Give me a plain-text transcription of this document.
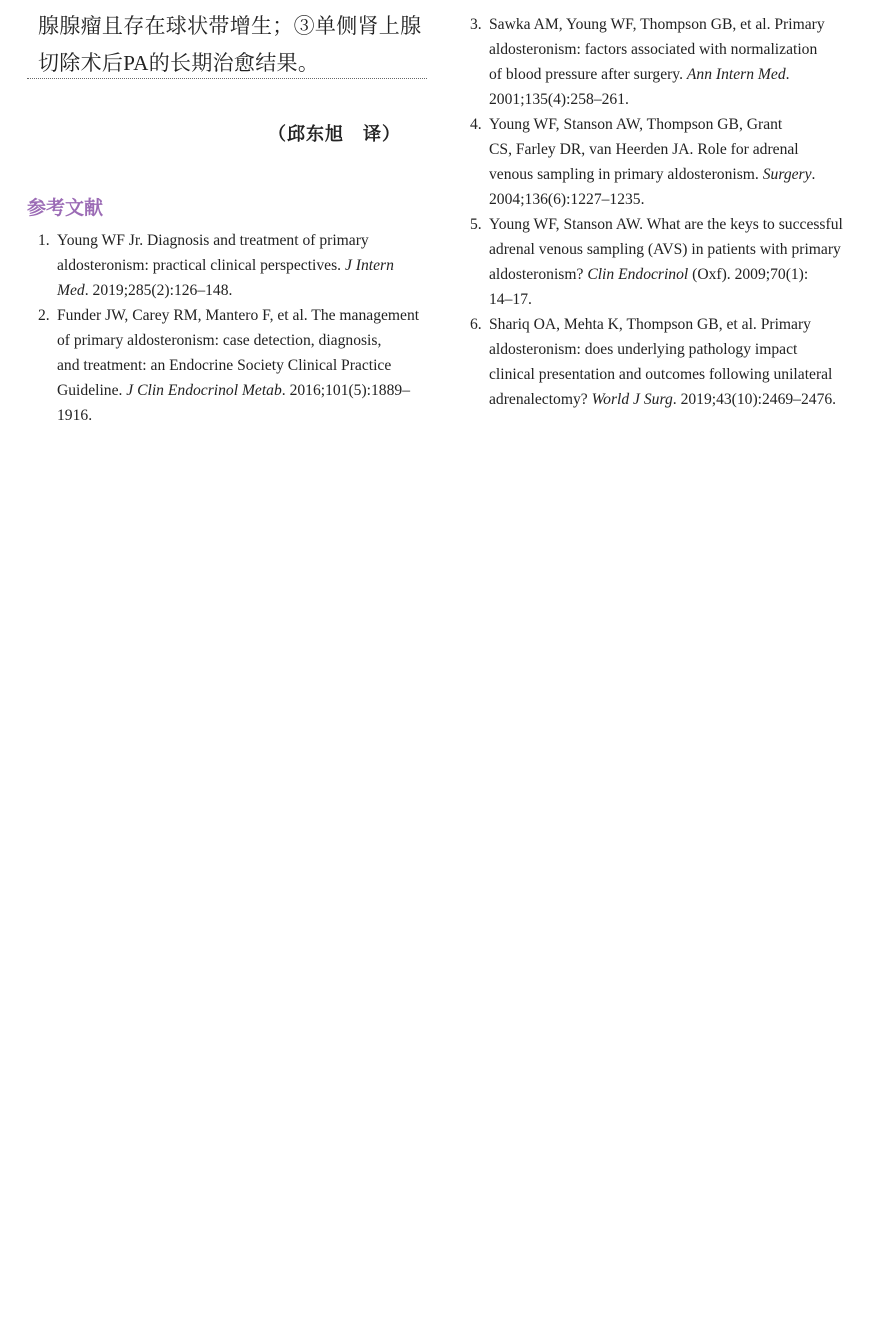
腺腺瘤且存在球状带增生；③单侧肾上腺
切除术后PA的长期治愈结果。
（邱东旭　译）
参考文献
1. Young WF Jr. Diagnosis and treatment of primary
aldosteronism: practical clinical perspectives. J Intern
Med. 2019;285(2):126–148.
2. Funder JW, Carey RM, Mantero F, et al. The management
of primary aldosteronism: case detection, diagnosis,
and treatment: an Endocrine Society Clinical Practice
Guideline. J Clin Endocrinol Metab. 2016;101(5):1889–
1916.
3. Sawka AM, Young WF, Thompson GB, et al. Primary
aldosteronism: factors associated with normalization
of blood pressure after surgery. Ann Intern Med.
2001;135(4):258–261.
4. Young WF, Stanson AW, Thompson GB, Grant
CS, Farley DR, van Heerden JA. Role for adrenal
venous sampling in primary aldosteronism. Surgery.
2004;136(6):1227–1235.
5. Young WF, Stanson AW. What are the keys to successful
adrenal venous sampling (AVS) in patients with primary
aldosteronism? Clin Endocrinol (Oxf). 2009;70(1):
14–17.
6. Shariq OA, Mehta K, Thompson GB, et al. Primary
aldosteronism: does underlying pathology impact
clinical presentation and outcomes following unilateral
adrenalectomy? World J Surg. 2019;43(10):2469–2476.
